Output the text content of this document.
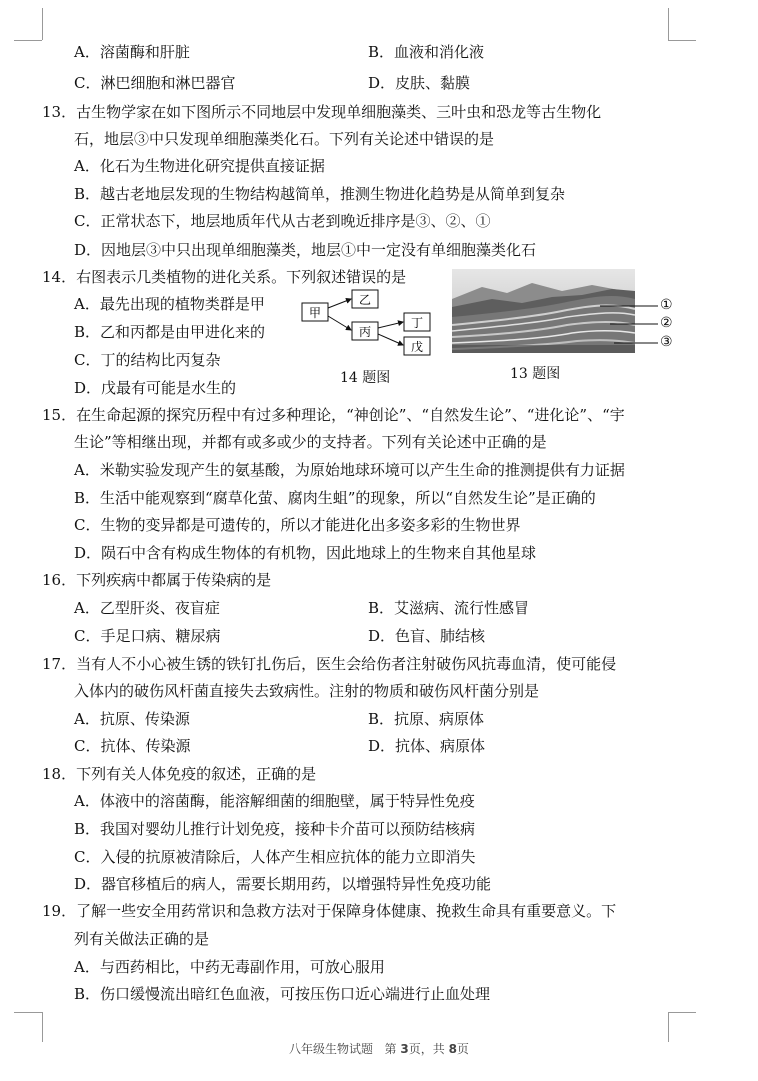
A．溶菌酶和肝脏	B．血液和消化液
C．淋巴细胞和淋巴器官	D．皮肤、黏膜
13．古生物学家在如下图所示不同地层中发现单细胞藻类、三叶虫和恐龙等古生物化
石，地层③中只发现单细胞藻类化石。下列有关论述中错误的是
A．化石为生物进化研究提供直接证据
B．越古老地层发现的生物结构越简单，推测生物进化趋势是从简单到复杂
C．正常状态下，地层地质年代从古老到晚近排序是③、②、①
D．因地层③中只出现单细胞藻类，地层①中一定没有单细胞藻类化石
14．右图表示几类植物的进化关系。下列叙述错误的是
A．最先出现的植物类群是甲
B．乙和丙都是由甲进化来的
C．丁的结构比丙复杂
D．戊最有可能是水生的
15．在生命起源的探究历程中有过多种理论，“神创论”、“自然发生论”、“进化论”、“宇
生论”等相继出现，并都有或多或少的支持者。下列有关论述中正确的是
A．米勒实验发现产生的氨基酸，为原始地球环境可以产生生命的推测提供有力证据
B．生活中能观察到“腐草化萤、腐肉生蛆”的现象，所以“自然发生论”是正确的
C．生物的变异都是可遗传的，所以才能进化出多姿多彩的生物世界
D．陨石中含有构成生物体的有机物，因此地球上的生物来自其他星球
16．下列疾病中都属于传染病的是
A．乙型肝炎、夜盲症	B．艾滋病、流行性感冒
C．手足口病、糖尿病	D．色盲、肺结核
17．当有人不小心被生锈的铁钉扎伤后，医生会给伤者注射破伤风抗毒血清，使可能侵
入体内的破伤风杆菌直接失去致病性。注射的物质和破伤风杆菌分别是
A．抗原、传染源	B．抗原、病原体
C．抗体、传染源	D．抗体、病原体
18．下列有关人体免疫的叙述，正确的是
A．体液中的溶菌酶，能溶解细菌的细胞壁，属于特异性免疫
B．我国对婴幼儿推行计划免疫，接种卡介苗可以预防结核病
C．入侵的抗原被清除后，人体产生相应抗体的能力立即消失
D．器官移植后的病人，需要长期用药，以增强特异性免疫功能
19．了解一些安全用药常识和急救方法对于保障身体健康、挽救生命具有重要意义。下
列有关做法正确的是
A．与西药相比，中药无毒副作用，可放心服用
B．伤口缓慢流出暗红色血液，可按压伤口近心端进行止血处理
甲
乙
丙
丁
戊
14 题图
①
②
③
13 题图
八年级生物试题 第 3页，共 8页
